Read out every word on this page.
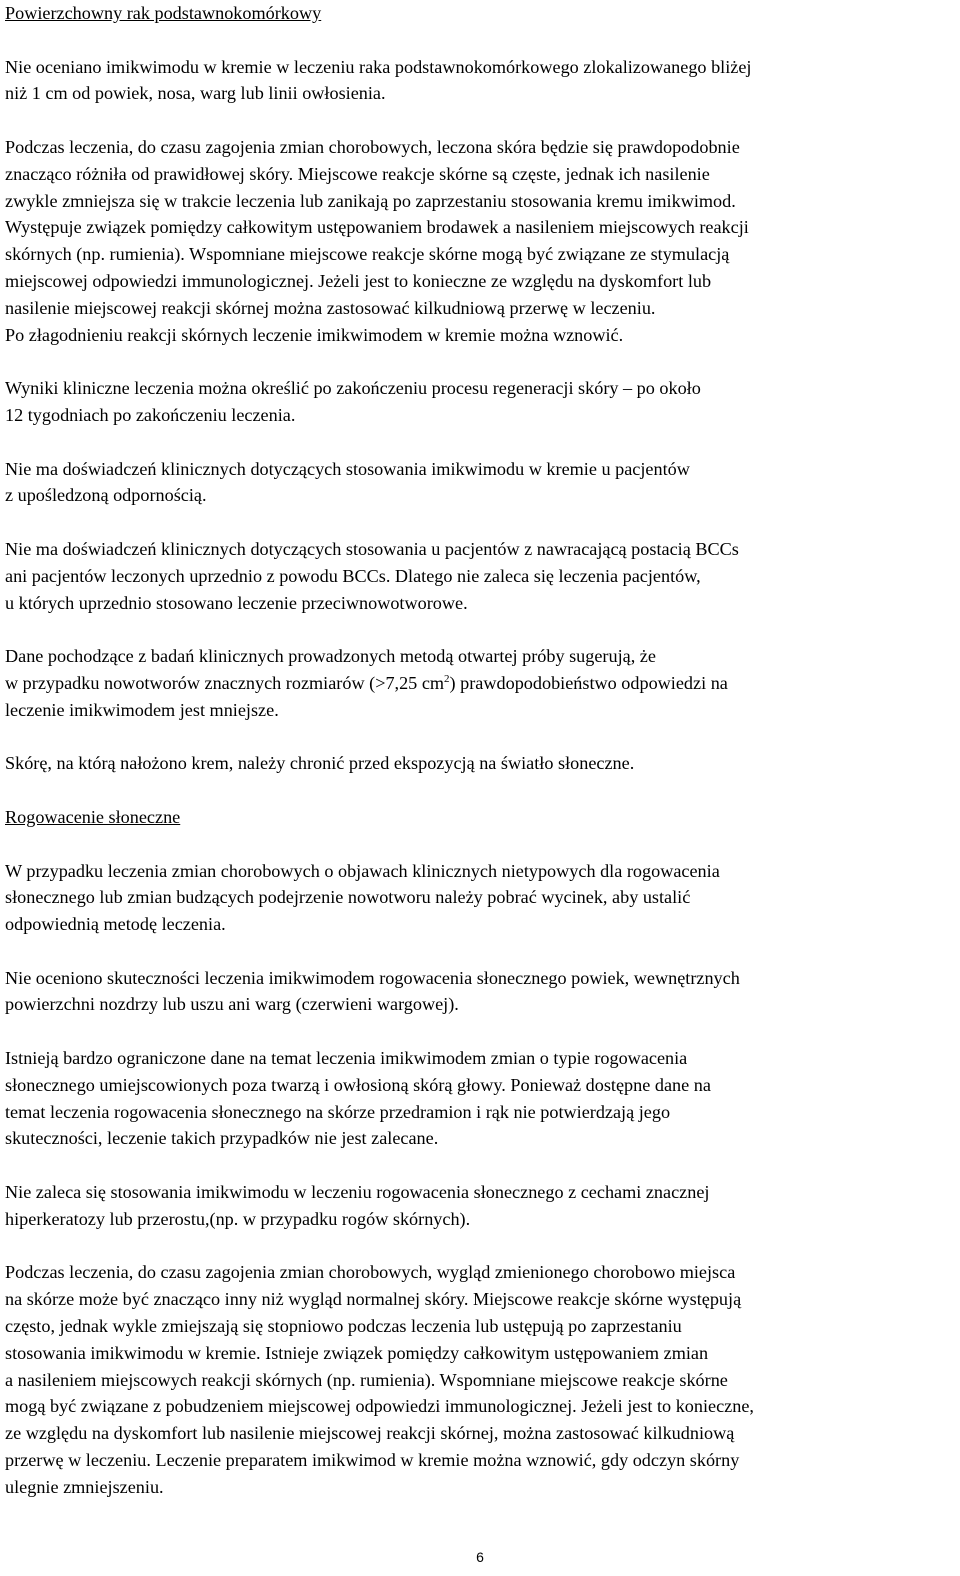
Powierzchowny rak podstawnokomórkowy

Nie oceniano imikwimodu w kremie w leczeniu raka podstawnokomórkowego zlokalizowanego bliżej
niż 1 cm od powiek, nosa, warg lub linii owłosienia.

Podczas leczenia, do czasu zagojenia zmian chorobowych, leczona skóra będzie się prawdopodobnie
znacząco różniła od prawidłowej skóry. Miejscowe reakcje skórne są częste, jednak ich nasilenie
zwykle zmniejsza się w trakcie leczenia lub zanikają po zaprzestaniu stosowania kremu imikwimod.
Występuje związek pomiędzy całkowitym ustępowaniem brodawek a nasileniem miejscowych reakcji
skórnych (np. rumienia). Wspomniane miejscowe reakcje skórne mogą być związane ze stymulacją
miejscowej odpowiedzi immunologicznej. Jeżeli jest to konieczne ze względu na dyskomfort lub
nasilenie miejscowej reakcji skórnej można zastosować kilkudniową przerwę w leczeniu.
Po złagodnieniu reakcji skórnych leczenie imikwimodem w kremie można wznowić.

Wyniki kliniczne leczenia można określić po zakończeniu procesu regeneracji skóry – po około
12 tygodniach po zakończeniu leczenia.

Nie ma doświadczeń klinicznych dotyczących stosowania imikwimodu w kremie u pacjentów
z upośledzoną odpornością.

Nie ma doświadczeń klinicznych dotyczących stosowania u pacjentów z nawracającą postacią BCCs
ani pacjentów leczonych uprzednio z powodu BCCs. Dlatego nie zaleca się leczenia pacjentów,
u których uprzednio stosowano leczenie przeciwnowotworowe.

Dane pochodzące z badań klinicznych prowadzonych metodą otwartej próby sugerują, że
w przypadku nowotworów znacznych rozmiarów (>7,25 $cm^2$) prawdopodobieństwo odpowiedzi na
leczenie imikwimodem jest mniejsze.

Skórę, na którą nałożono krem, należy chronić przed ekspozycją na światło słoneczne.

Rogowacenie słoneczne

W przypadku leczenia zmian chorobowych o objawach klinicznych nietypowych dla rogowacenia
słonecznego lub zmian budzących podejrzenie nowotworu należy pobrać wycinek, aby ustalić
odpowiednią metodę leczenia.

Nie oceniono skuteczności leczenia imikwimodem rogowacenia słonecznego powiek, wewnętrznych
powierzchni nozdrzy lub uszu ani warg (czerwieni wargowej).

Istnieją bardzo ograniczone dane na temat leczenia imikwimodem zmian o typie rogowacenia
słonecznego umiejscowionych poza twarzą i owłosioną skórą głowy. Ponieważ dostępne dane na
temat leczenia rogowacenia słonecznego na skórze przedramion i rąk nie potwierdzają jego
skuteczności, leczenie takich przypadków nie jest zalecane.

Nie zaleca się stosowania imikwimodu w leczeniu rogowacenia słonecznego z cechami znacznej
hiperkeratozy lub przerostu,(np. w przypadku rogów skórnych).

Podczas leczenia, do czasu zagojenia zmian chorobowych, wygląd zmienionego chorobowo miejsca
na skórze może być znacząco inny niż wygląd normalnej skóry. Miejscowe reakcje skórne występują
często, jednak wykle zmiejszają się stopniowo podczas leczenia lub ustępują po zaprzestaniu
stosowania imikwimodu w kremie. Istnieje związek pomiędzy całkowitym ustępowaniem zmian
a nasileniem miejscowych reakcji skórnych (np. rumienia). Wspomniane miejscowe reakcje skórne
mogą być związane z pobudzeniem miejscowej odpowiedzi immunologicznej. Jeżeli jest to konieczne,
ze względu na dyskomfort lub nasilenie miejscowej reakcji skórnej, można zastosować kilkudniową
przerwę w leczeniu. Leczenie preparatem imikwimod w kremie można wznowić, gdy odczyn skórny
ulegnie zmniejszeniu.

6
